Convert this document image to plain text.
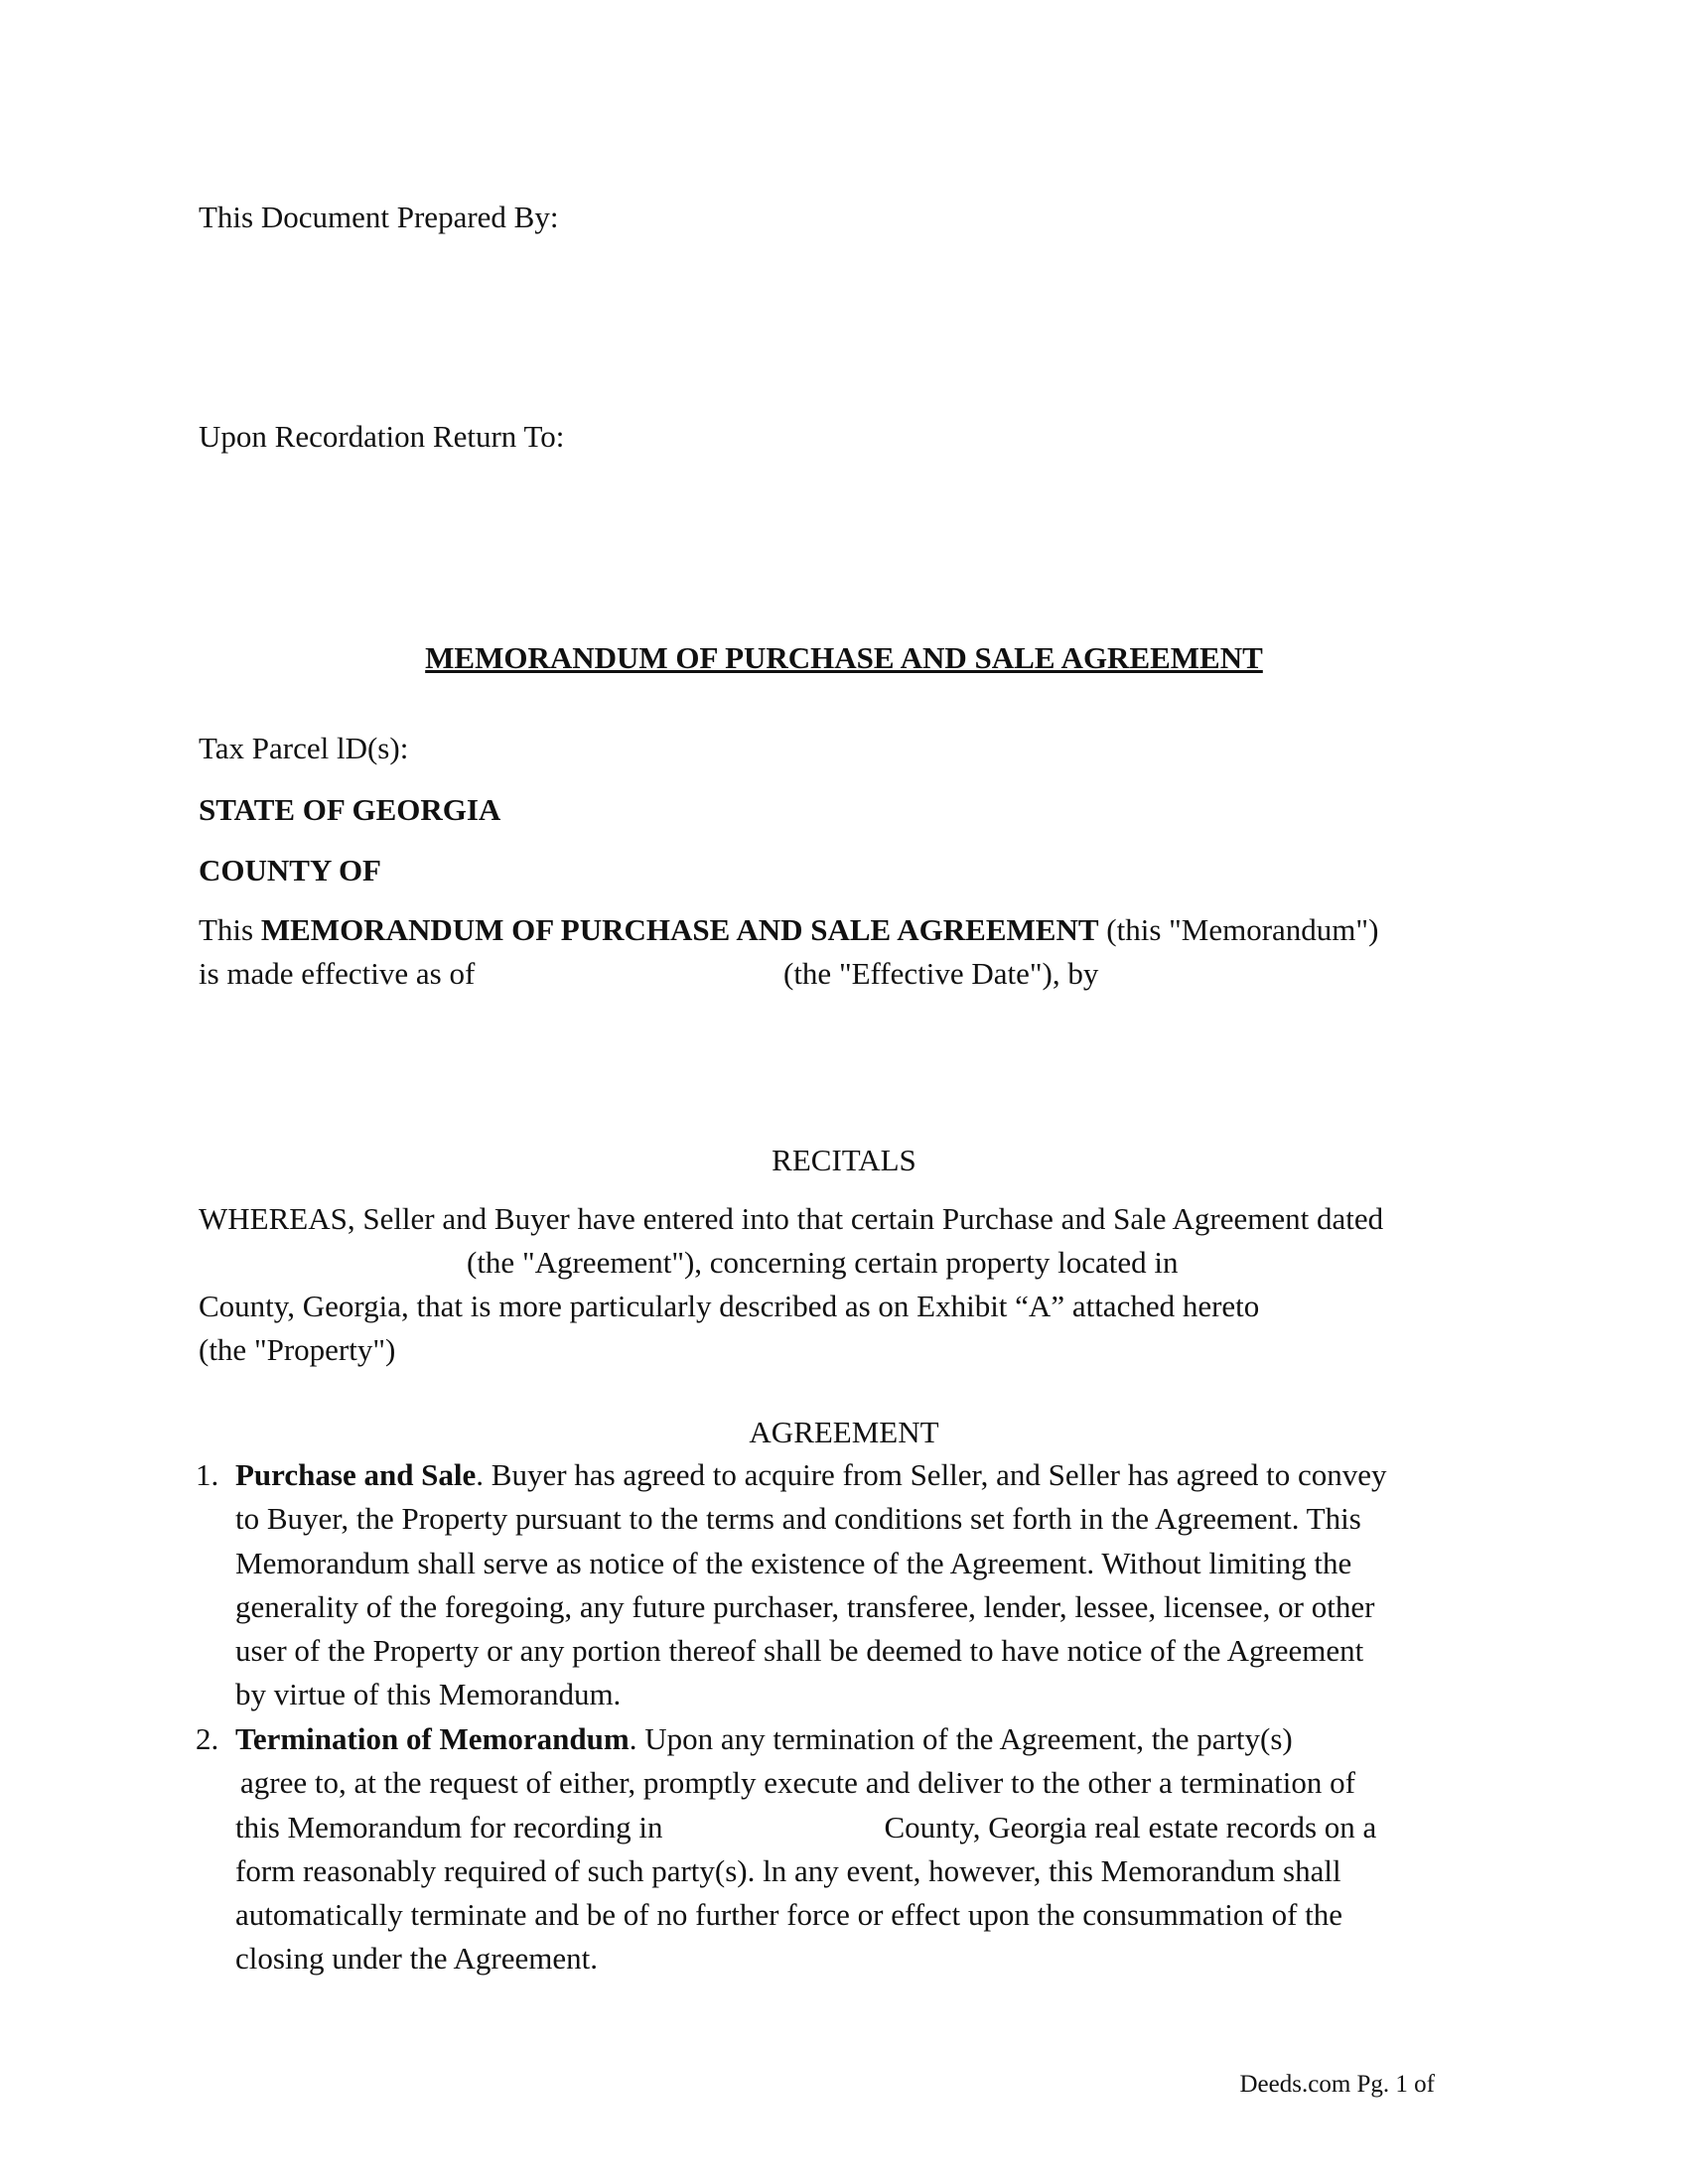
This Document Prepared By:
Upon Recordation Return To:
MEMORANDUM OF PURCHASE AND SALE AGREEMENT
Tax Parcel lD(s):
STATE OF GEORGIA
COUNTY OF
This MEMORANDUM OF PURCHASE AND SALE AGREEMENT (this "Memorandum")
is made effective as of	(the "Effective Date"), by
RECITALS
WHEREAS, Seller and Buyer have entered into that certain Purchase and Sale Agreement dated
(the "Agreement"), concerning certain property located in
County, Georgia, that is more particularly described as on Exhibit “A” attached hereto
(the "Property")
AGREEMENT
1. Purchase and Sale. Buyer has agreed to acquire from Seller, and Seller has agreed to convey

to Buyer, the Property pursuant to the terms and conditions set forth in the Agreement. This

Memorandum shall serve as notice of the existence of the Agreement. Without limiting the

generality of the foregoing, any future purchaser, transferee, lender, lessee, licensee, or other

user of the Property or any portion thereof shall be deemed to have notice of the Agreement

by virtue of this Memorandum.

2. Termination of Memorandum. Upon any termination of the Agreement, the party(s)

agree to, at the request of either, promptly execute and deliver to the other a termination of

this Memorandum for recording in	County, Georgia real estate records on a

form reasonably required of such party(s). ln any event, however, this Memorandum shall

automatically terminate and be of no further force or effect upon the consummation of the

closing under the Agreement.

Deeds.com Pg. 1 of
